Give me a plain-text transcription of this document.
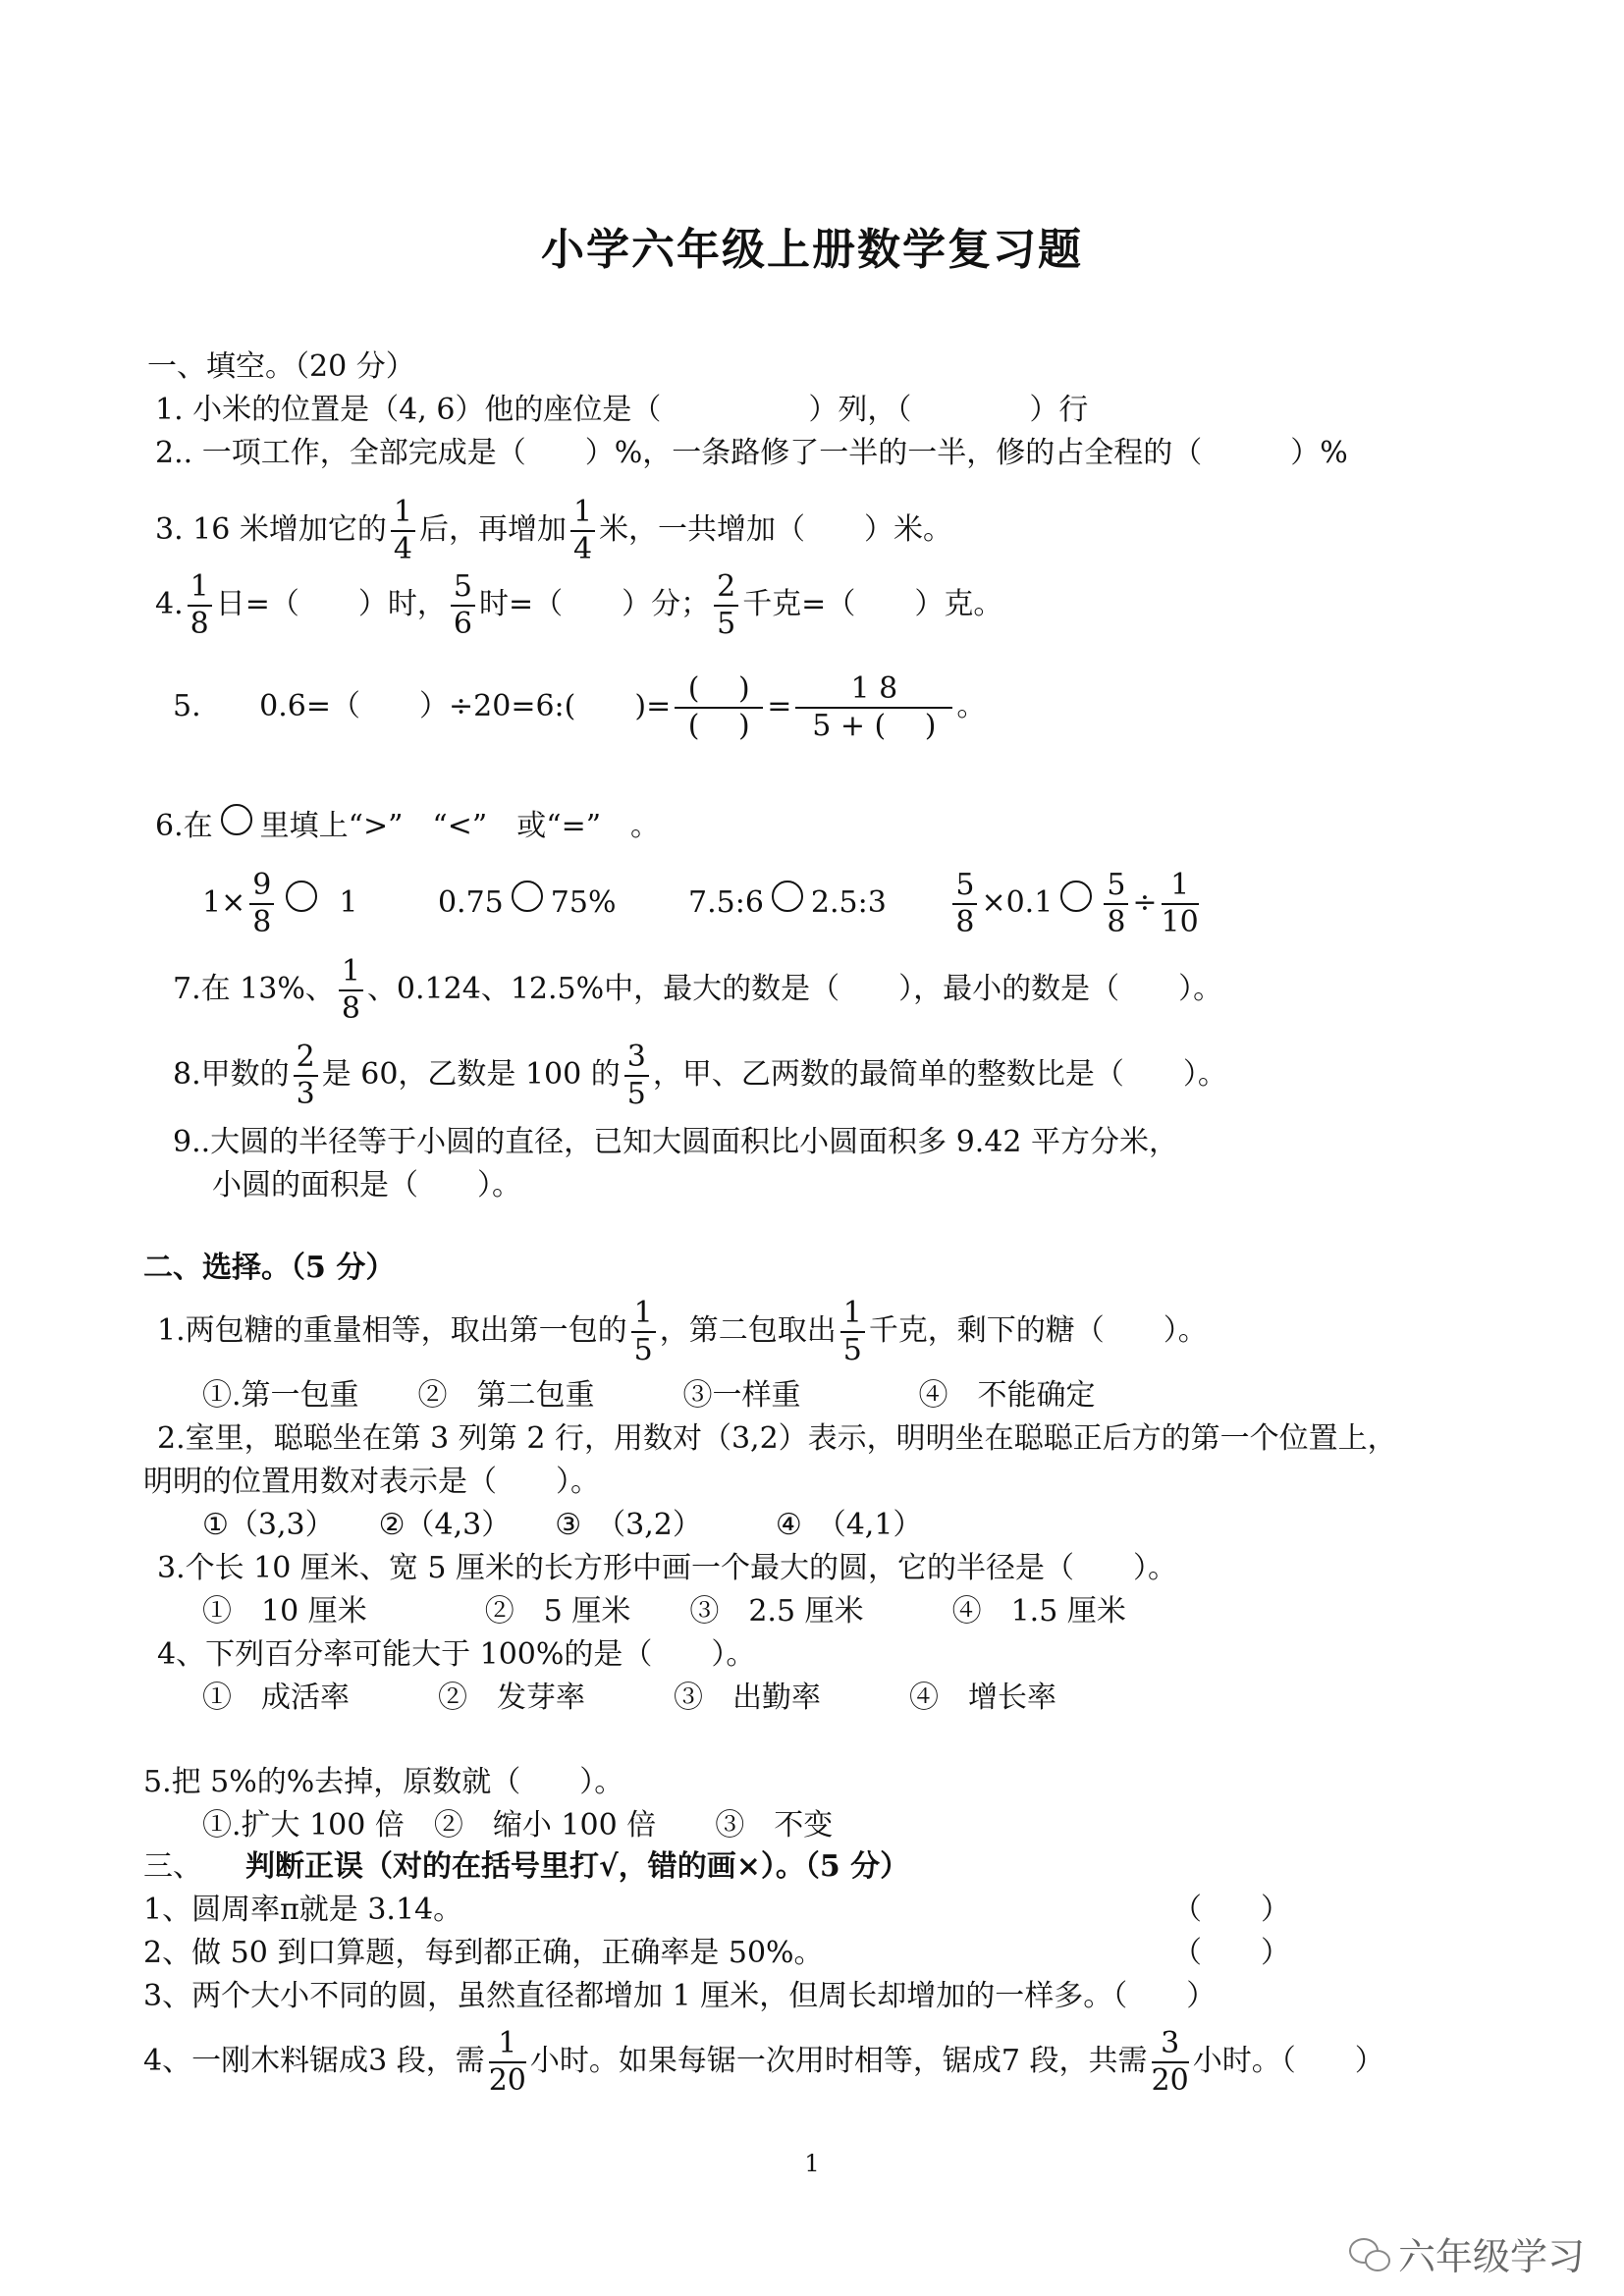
小学六年级上册数学复习题
一、填空。（20 分）
1. 小米的位置是（4, 6）他的座位是（　　　　　）列，（　　　　）行
2.. 一项工作，全部完成是（　　）%，一条路修了一半的一半，修的占全程的（　　　）%
3. 16 米增加它的 $\frac{1}{4}$ 后，再增加 $\frac{1}{4}$ 米，一共增加（　　）米。
4. $\frac{1}{8}$ 日=（　　）时， $\frac{5}{6}$ 时=（　　）分； $\frac{2}{5}$ 千克=（　　）克。
5. 0.6=（　　）÷20=6:(　　)= $\frac{( )}{( )} = \frac{1 8}{5 + ( )}$ 。
6.在 里填上“>”　“<”　或“=”　。
$1\times \frac{9}{8} 1$	0.75 75% 7.5:6 2.5:3 $\frac{5}{8} \times 0.1 \frac{5}{8} \div \frac{1}{10}$
7.在 13%、 $\frac{1}{8}$ 、0.124、12.5%中，最大的数是（　　），最小的数是（　　）。
8.甲数的 $\frac{2}{3}$ 是 60，乙数是 100 的 $\frac{3}{5}$ ，甲、乙两数的最简单的整数比是（　　）。
9..大圆的半径等于小圆的直径，已知大圆面积比小圆面积多 9.42 平方分米，
小圆的面积是（　　）。
二、选择。（5 分）
1.两包糖的重量相等，取出第一包的 $\frac{1}{5}$ ，第二包取出 $\frac{1}{5}$ 千克，剩下的糖（　　）。
①.第一包重　　②　第二包重　　　③一样重　　　　④　不能确定
2.室里，聪聪坐在第 3 列第 2 行，用数对（3,2）表示，明明坐在聪聪正后方的第一个位置上，
明明的位置用数对表示是（　　）。
①（3,3）　　②（4,3）　　③　（3,2）　　　④　（4,1）
3.个长 10 厘米、宽 5 厘米的长方形中画一个最大的圆，它的半径是（　　）。
①　10 厘米　　　　②　5 厘米　　③　2.5 厘米　　　④　1.5 厘米
4、下列百分率可能大于 100%的是（　　）。
①　成活率　　　②　发芽率　　　③　出勤率　　　④　增长率
5.把 5%的%去掉，原数就（　　）。
①.扩大 100 倍　②　缩小 100 倍　　③　不变
三、 判断正误（对的在括号里打√，错的画×）。（5 分）
1、圆周率π就是 3.14。	（　　）
2、做 50 到口算题，每到都正确，正确率是 50%。	（　　）
3、两个大小不同的圆，虽然直径都增加 1 厘米，但周长却增加的一样多。（　　）
4、一刚木料锯成3 段，需 $\frac{1}{20}$ 小时。如果每锯一次用时相等，锯成7 段，共需 $\frac{3}{20}$ 小时。（　　）
1
六年级学习
